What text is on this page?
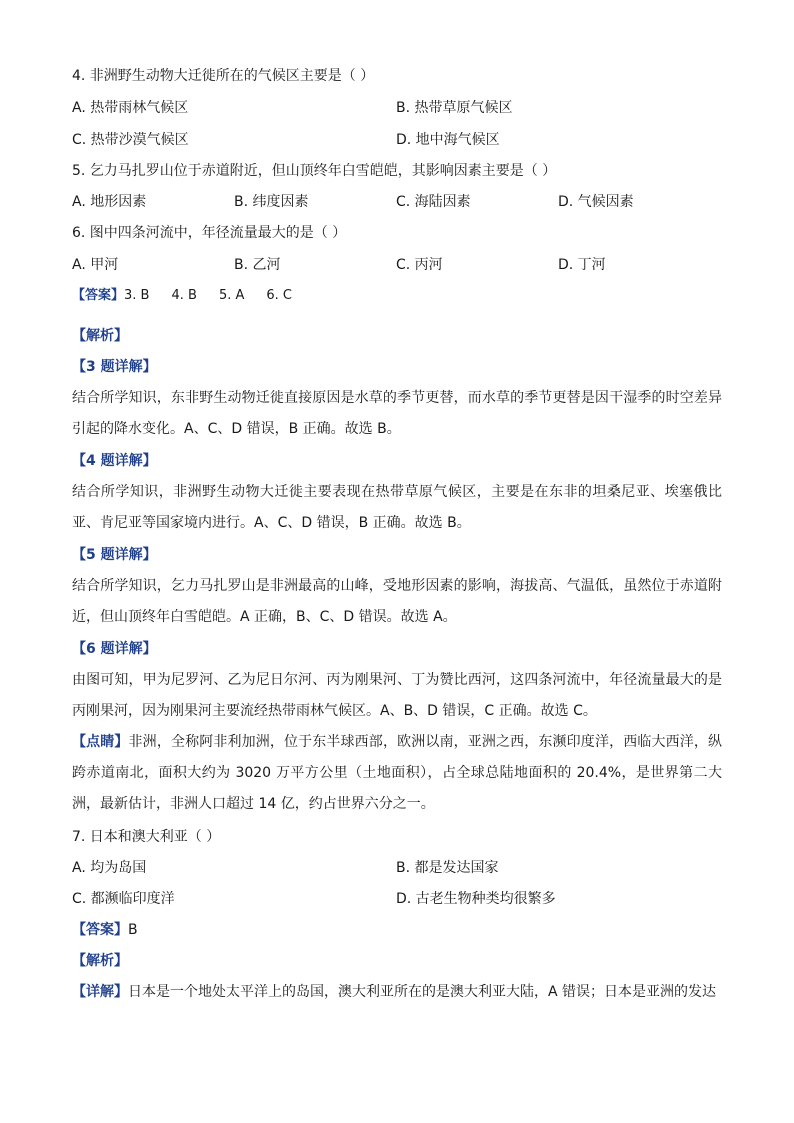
4. 非洲野生动物大迁徙所在的气候区主要是（ ）
A. 热带雨林气候区	B. 热带草原气候区
C. 热带沙漠气候区	D. 地中海气候区
5. 乞力马扎罗山位于赤道附近，但山顶终年白雪皑皑，其影响因素主要是（ ）
A. 地形因素	B. 纬度因素	C. 海陆因素	D. 气候因素
6. 图中四条河流中，年径流量最大的是（ ）
A. 甲河	B. 乙河	C. 丙河	D. 丁河
【答案】3. B 4. B 5. A 6. C
【解析】
【3 题详解】
结合所学知识，东非野生动物迁徙直接原因是水草的季节更替，而水草的季节更替是因干湿季的时空差异引起的降水变化。A、C、D 错误，B 正确。故选 B。
【4 题详解】
结合所学知识，非洲野生动物大迁徙主要表现在热带草原气候区，主要是在东非的坦桑尼亚、埃塞俄比亚、肯尼亚等国家境内进行。A、C、D 错误，B 正确。故选 B。
【5 题详解】
结合所学知识，乞力马扎罗山是非洲最高的山峰，受地形因素的影响，海拔高、气温低，虽然位于赤道附近，但山顶终年白雪皑皑。A 正确，B、C、D 错误。故选 A。
【6 题详解】
由图可知，甲为尼罗河、乙为尼日尔河、丙为刚果河、丁为赞比西河，这四条河流中，年径流量最大的是丙刚果河，因为刚果河主要流经热带雨林气候区。A、B、D 错误，C 正确。故选 C。
【点睛】非洲，全称阿非利加洲，位于东半球西部，欧洲以南，亚洲之西，东濒印度洋，西临大西洋，纵跨赤道南北，面积大约为 3020 万平方公里（土地面积），占全球总陆地面积的 20.4%，是世界第二大洲，最新估计，非洲人口超过 14 亿，约占世界六分之一。
7. 日本和澳大利亚（ ）
A. 均为岛国	B. 都是发达国家
C. 都濒临印度洋	D. 古老生物种类均很繁多
【答案】B
【解析】
【详解】日本是一个地处太平洋上的岛国，澳大利亚所在的是澳大利亚大陆，A 错误；日本是亚洲的发达
